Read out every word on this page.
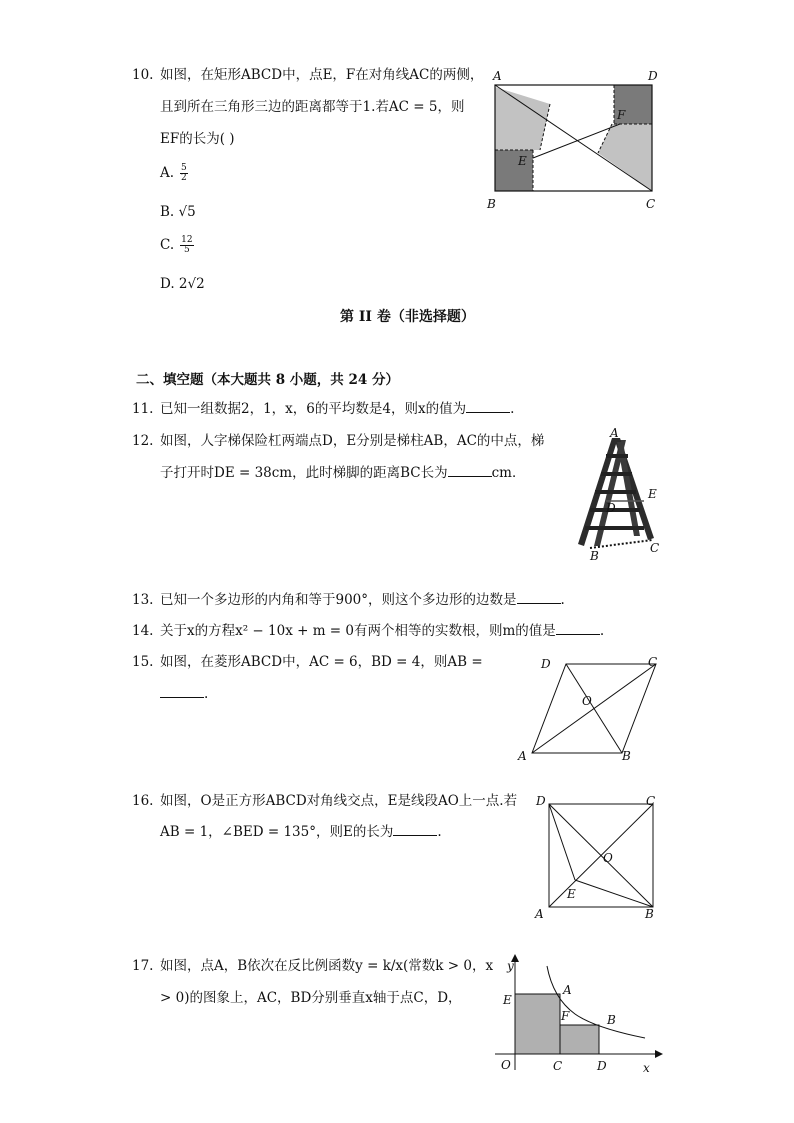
10. 如图，在矩形ABCD中，点E，F在对角线AC的两侧，
且到所在三角形三边的距离都等于1.若AC = 5，则
EF的长为( )
A. $\frac{5}{2}$
B. √5
C. $\frac{12}{5}$
D. 2√2
A	D
B	C
E
F
第 II 卷（非选择题）
二、填空题（本大题共 8 小题，共 24 分）
11. 已知一组数据2，1，x，6的平均数是4，则x的值为	.
12. 如图，人字梯保险杠两端点D，E分别是梯柱AB，AC的中点，梯
子打开时DE = 38cm，此时梯脚的距离BC长为	cm．
A
D
E
B
C
13. 已知一个多边形的内角和等于900°，则这个多边形的边数是	.
14. 关于x的方程x² − 10x + m = 0有两个相等的实数根，则m的值是	.
15. 如图，在菱形ABCD中，AC = 6，BD = 4，则AB =
.
A	B
C
D
O
16. 如图，O是正方形ABCD对角线交点，E是线段AO上一点.若
AB = 1，∠BED = 135°，则E的长为	.
D	C
A	B
O
E
17. 如图，点A，B依次在反比例函数y = k/x(常数k > 0，x
> 0)的图象上，AC，BD分别垂直x轴于点C，D，
y
x
O
E
A
F	B
C	D
